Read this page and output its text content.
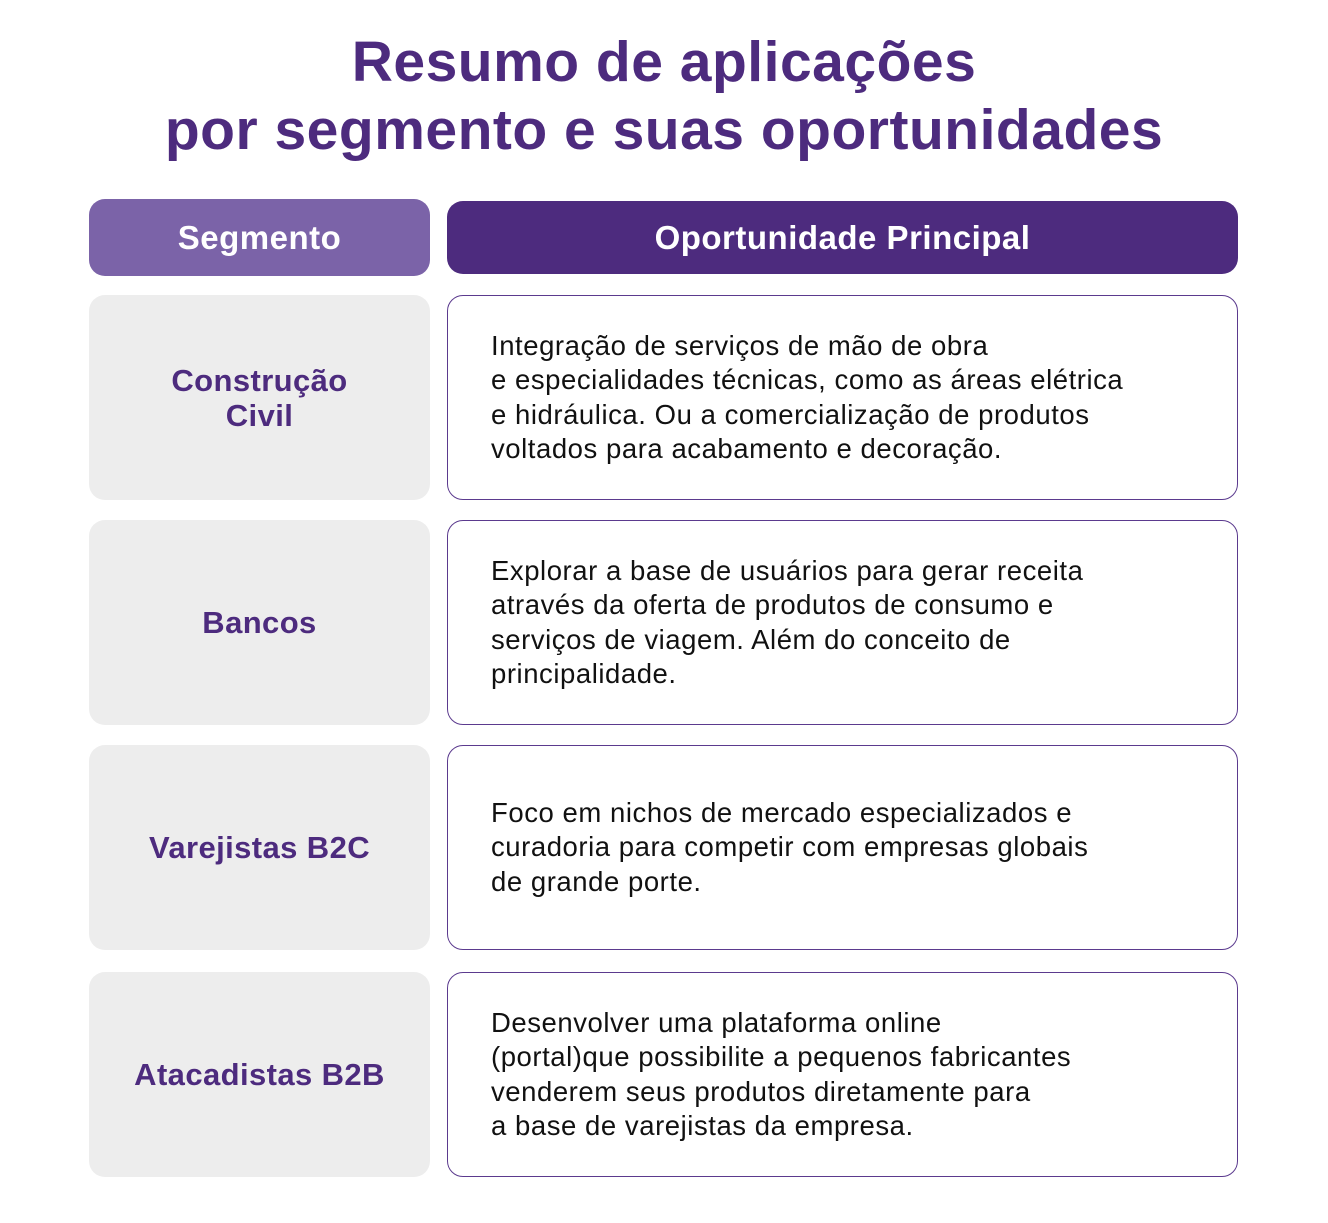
Resumo de aplicações
por segmento e suas oportunidades
Segmento	Oportunidade Principal
Construção
Civil
Integração de serviços de mão de obra
e especialidades técnicas, como as áreas elétrica
e hidráulica. Ou a comercialização de produtos
voltados para acabamento e decoração.
Bancos
Explorar a base de usuários para gerar receita
através da oferta de produtos de consumo e
serviços de viagem. Além do conceito de
principalidade.
Varejistas B2C
Foco em nichos de mercado especializados e
curadoria para competir com empresas globais
de grande porte.
Atacadistas B2B
Desenvolver uma plataforma online
(portal)que possibilite a pequenos fabricantes
venderem seus produtos diretamente para
a base de varejistas da empresa.
